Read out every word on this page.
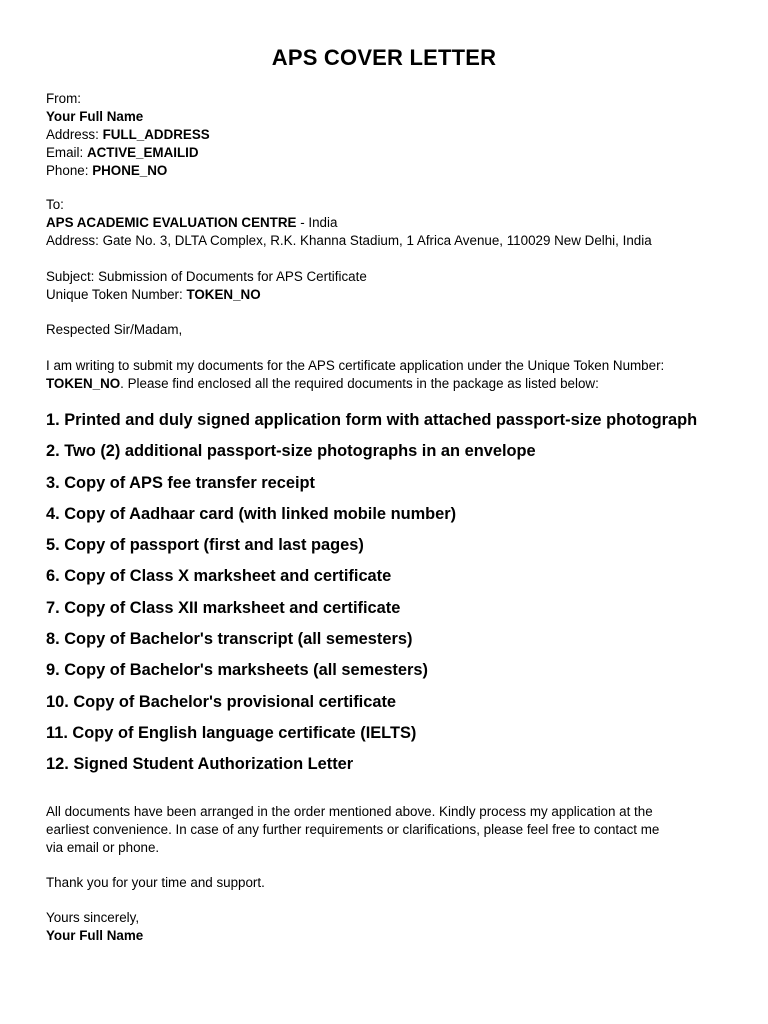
APS COVER LETTER
From:
Your Full Name
Address: FULL_ADDRESS
Email: ACTIVE_EMAILID
Phone: PHONE_NO
To:
APS ACADEMIC EVALUATION CENTRE - India
Address: Gate No. 3, DLTA Complex, R.K. Khanna Stadium, 1 Africa Avenue, 110029 New Delhi, India
Subject: Submission of Documents for APS Certificate
Unique Token Number: TOKEN_NO
Respected Sir/Madam,
I am writing to submit my documents for the APS certificate application under the Unique Token Number:
TOKEN_NO. Please find enclosed all the required documents in the package as listed below:
1. Printed and duly signed application form with attached passport-size photograph
2. Two (2) additional passport-size photographs in an envelope
3. Copy of APS fee transfer receipt
4. Copy of Aadhaar card (with linked mobile number)
5. Copy of passport (first and last pages)
6. Copy of Class X marksheet and certificate
7. Copy of Class XII marksheet and certificate
8. Copy of Bachelor's transcript (all semesters)
9. Copy of Bachelor's marksheets (all semesters)
10. Copy of Bachelor's provisional certificate
11. Copy of English language certificate (IELTS)
12. Signed Student Authorization Letter
All documents have been arranged in the order mentioned above. Kindly process my application at the
earliest convenience. In case of any further requirements or clarifications, please feel free to contact me
via email or phone.
Thank you for your time and support.
Yours sincerely,
Your Full Name
